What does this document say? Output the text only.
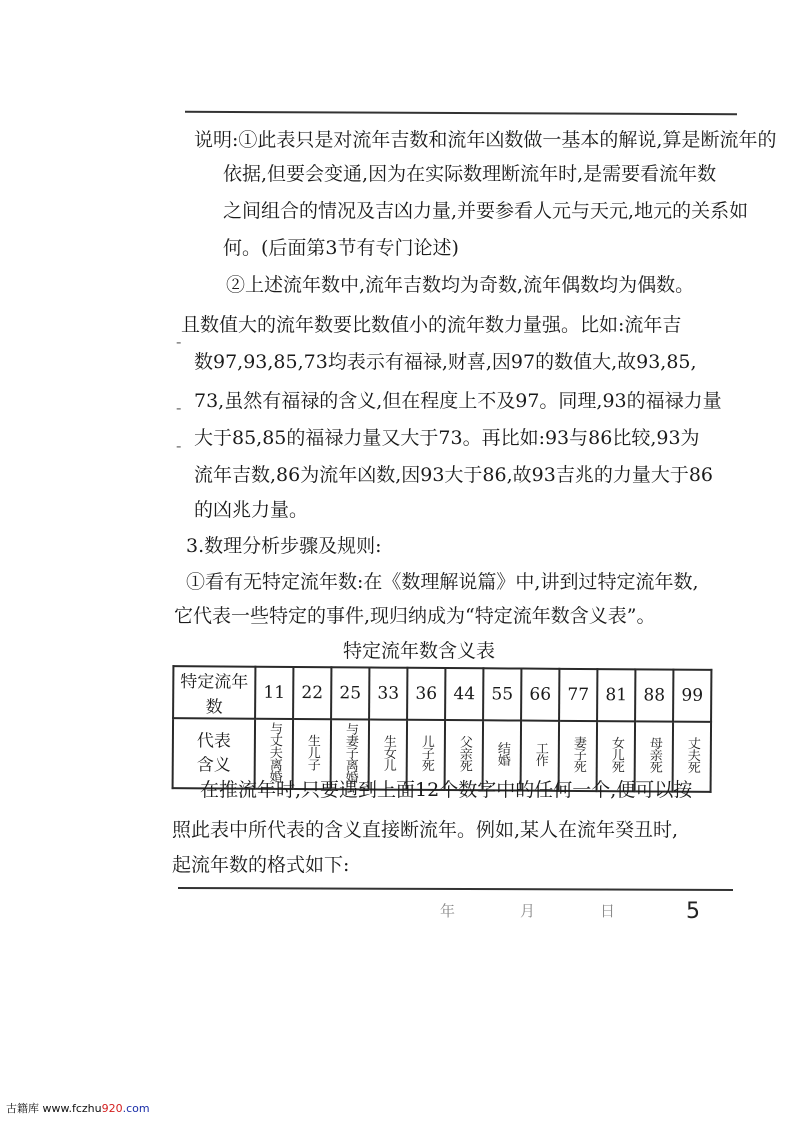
说明:①此表只是对流年吉数和流年凶数做一基本的解说,算是断流年的
依据,但要会变通,因为在实际数理断流年时,是需要看流年数
之间组合的情况及吉凶力量,并要参看人元与天元,地元的关系如
何。(后面第3节有专门论述)
②上述流年数中,流年吉数均为奇数,流年偶数均为偶数。
且数值大的流年数要比数值小的流年数力量强。比如:流年吉
数97,93,85,73均表示有福禄,财喜,因97的数值大,故93,85,
73,虽然有福禄的含义,但在程度上不及97。同理,93的福禄力量
大于85,85的福禄力量又大于73。再比如:93与86比较,93为
流年吉数,86为流年凶数,因93大于86,故93吉兆的力量大于86
的凶兆力量。
-
-
-
3.数理分析步骤及规则:
①看有无特定流年数:在《数理解说篇》中,讲到过特定流年数,
它代表一些特定的事件,现归纳成为“特定流年数含义表”。
特定流年数含义表
特定流年数	11	22	25	33	36	44	55	66	77	81	88	99

代表
含义	与丈夫离婚	生儿子	与妻子离婚	生女儿	儿子死	父亲死	结婚	工作	妻子死	女儿死	母亲死	丈夫死
在推流年时,只要遇到上面12个数字中的任何一个,便可以按
照此表中所代表的含义直接断流年。例如,某人在流年癸丑时,
起流年数的格式如下:
年	月	日	5
古籍库 www.fczhu920.com
